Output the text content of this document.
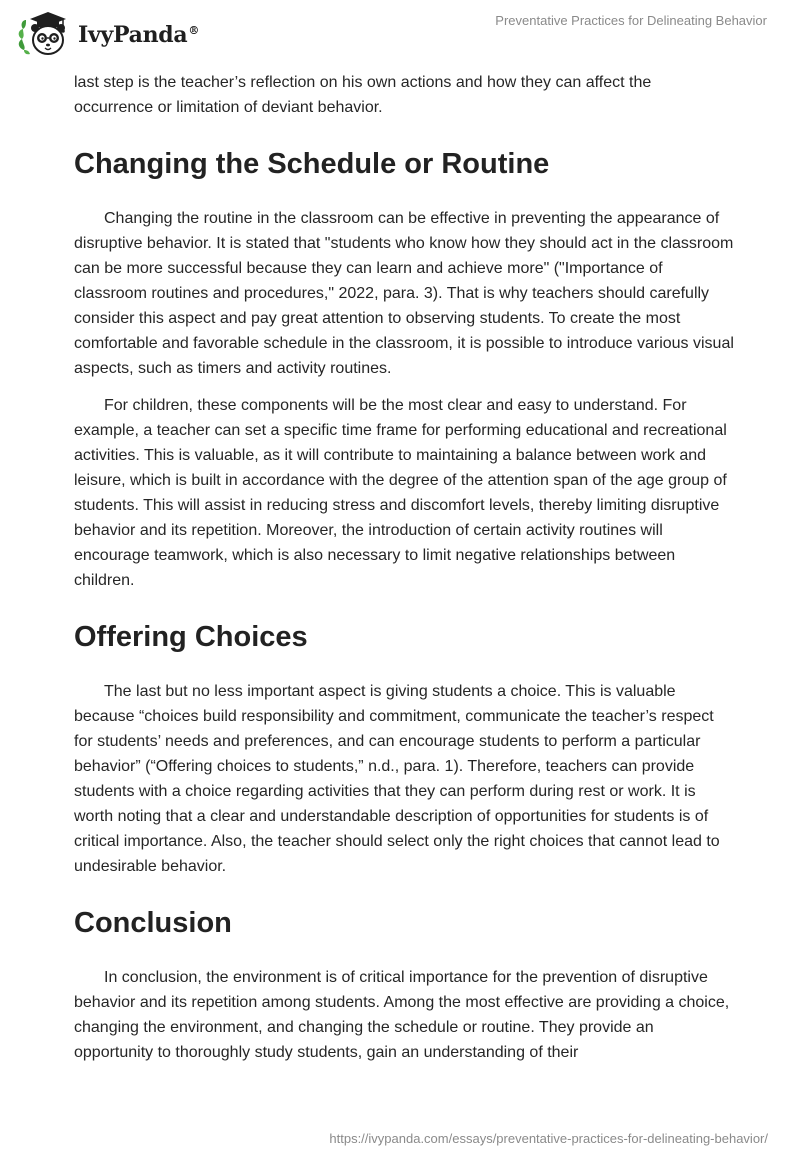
IvyPanda®
Preventative Practices for Delineating Behavior

last step is the teacher’s reflection on his own actions and how they can affect the occurrence or limitation of deviant behavior.

Changing the Schedule or Routine

Changing the routine in the classroom can be effective in preventing the appearance of disruptive behavior. It is stated that "students who know how they should act in the classroom can be more successful because they can learn and achieve more" ("Importance of classroom routines and procedures," 2022, para. 3). That is why teachers should carefully consider this aspect and pay great attention to observing students. To create the most comfortable and favorable schedule in the classroom, it is possible to introduce various visual aspects, such as timers and activity routines.

For children, these components will be the most clear and easy to understand. For example, a teacher can set a specific time frame for performing educational and recreational activities. This is valuable, as it will contribute to maintaining a balance between work and leisure, which is built in accordance with the degree of the attention span of the age group of students. This will assist in reducing stress and discomfort levels, thereby limiting disruptive behavior and its repetition. Moreover, the introduction of certain activity routines will encourage teamwork, which is also necessary to limit negative relationships between children.

Offering Choices

The last but no less important aspect is giving students a choice. This is valuable because “choices build responsibility and commitment, communicate the teacher’s respect for students’ needs and preferences, and can encourage students to perform a particular behavior” (“Offering choices to students,” n.d., para. 1). Therefore, teachers can provide students with a choice regarding activities that they can perform during rest or work. It is worth noting that a clear and understandable description of opportunities for students is of critical importance. Also, the teacher should select only the right choices that cannot lead to undesirable behavior.

Conclusion

In conclusion, the environment is of critical importance for the prevention of disruptive behavior and its repetition among students. Among the most effective are providing a choice, changing the environment, and changing the schedule or routine. They provide an opportunity to thoroughly study students, gain an understanding of their

https://ivypanda.com/essays/preventative-practices-for-delineating-behavior/
